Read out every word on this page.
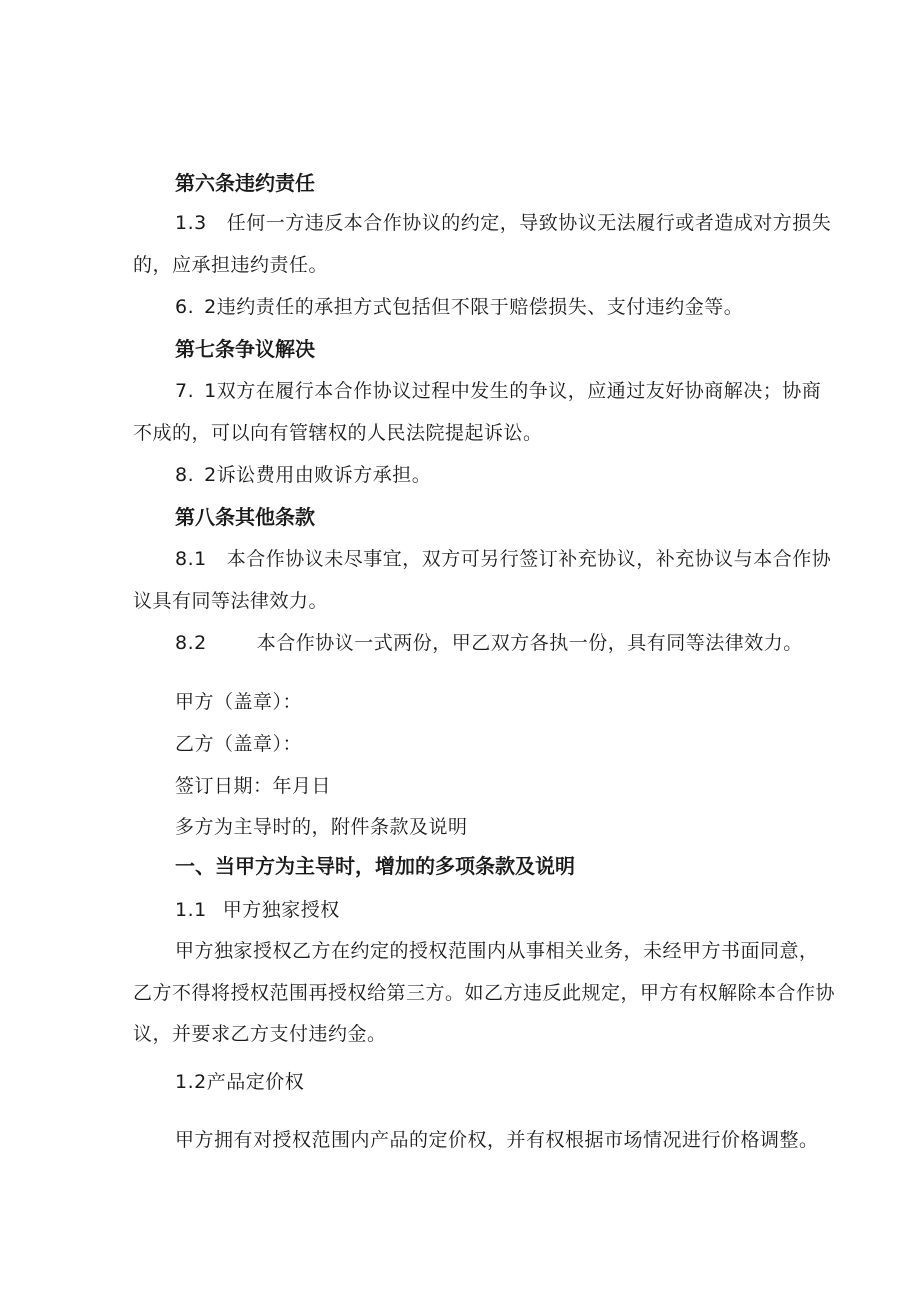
第六条违约责任
1.3 任何一方违反本合作协议的约定，导致协议无法履行或者造成对方损失
的，应承担违约责任。
6. 2违约责任的承担方式包括但不限于赔偿损失、支付违约金等。
第七条争议解决
7. 1双方在履行本合作协议过程中发生的争议，应通过友好协商解决；协商
不成的，可以向有管辖权的人民法院提起诉讼。
8. 2诉讼费用由败诉方承担。
第八条其他条款
8.1 本合作协议未尽事宜，双方可另行签订补充协议，补充协议与本合作协
议具有同等法律效力。
8.2	本合作协议一式两份，甲乙双方各执一份，具有同等法律效力。
甲方（盖章）：
乙方（盖章）：
签订日期：年月日
多方为主导时的，附件条款及说明
一、当甲方为主导时，增加的多项条款及说明
1.1 甲方独家授权
甲方独家授权乙方在约定的授权范围内从事相关业务，未经甲方书面同意，
乙方不得将授权范围再授权给第三方。如乙方违反此规定，甲方有权解除本合作协
议，并要求乙方支付违约金。
1.2产品定价权
甲方拥有对授权范围内产品的定价权，并有权根据市场情况进行价格调整。
